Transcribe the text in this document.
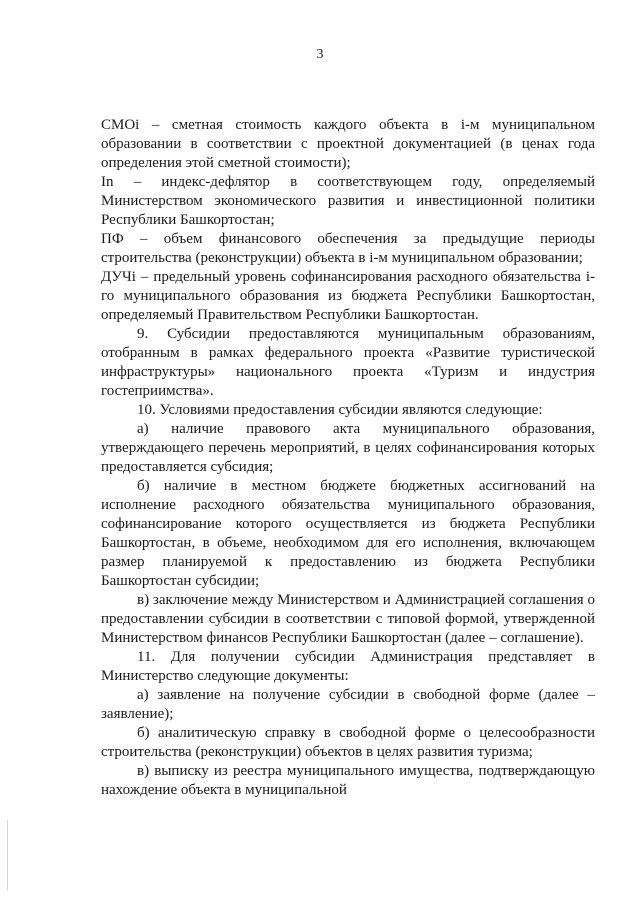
3

СМОi – сметная стоимость каждого объекта в i-м муниципальном образовании в соответствии с проектной документацией (в ценах года определения этой сметной стоимости);

In – индекс-дефлятор в соответствующем году, определяемый Министерством экономического развития и инвестиционной политики Республики Башкортостан;

ПФ – объем финансового обеспечения за предыдущие периоды строительства (реконструкции) объекта в i-м муниципальном образовании;

ДУЧi – предельный уровень софинансирования расходного обязательства i-го муниципального образования из бюджета Республики Башкортостан, определяемый Правительством Республики Башкортостан.

9. Субсидии предоставляются муниципальным образованиям, отобранным в рамках федерального проекта «Развитие туристической инфраструктуры» национального проекта «Туризм и индустрия гостеприимства».

10. Условиями предоставления субсидии являются следующие:

а) наличие правового акта муниципального образования, утверждающего перечень мероприятий, в целях софинансирования которых предоставляется субсидия;

б) наличие в местном бюджете бюджетных ассигнований на исполнение расходного обязательства муниципального образования, софинансирование которого осуществляется из бюджета Республики Башкортостан, в объеме, необходимом для его исполнения, включающем размер планируемой к предоставлению из бюджета Республики Башкортостан субсидии;

в) заключение между Министерством и Администрацией соглашения о предоставлении субсидии в соответствии с типовой формой, утвержденной Министерством финансов Республики Башкортостан (далее – соглашение).

11. Для получении субсидии Администрация представляет в Министерство следующие документы:

а) заявление на получение субсидии в свободной форме (далее – заявление);

б) аналитическую справку в свободной форме о целесообразности строительства (реконструкции) объектов в целях развития туризма;

в) выписку из реестра муниципального имущества, подтверждающую нахождение объекта в муниципальной
